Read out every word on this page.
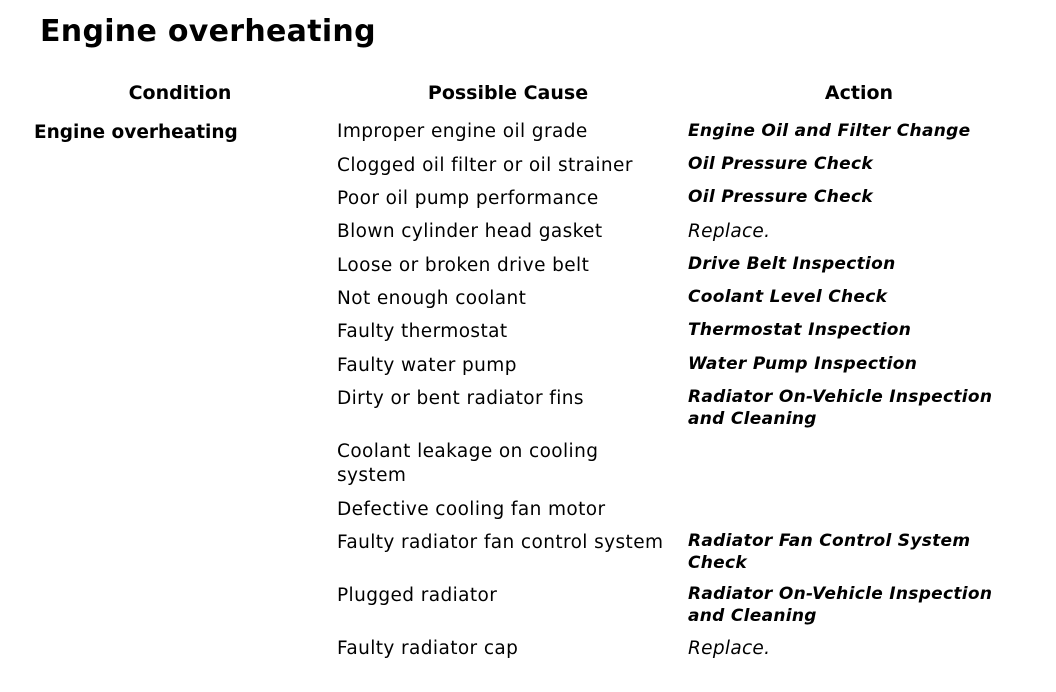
Engine overheating
Condition	Possible Cause	Action
Engine overheating	Improper engine oil grade	Engine Oil and Filter Change
Clogged oil filter or oil strainer	Oil Pressure Check
Poor oil pump performance	Oil Pressure Check
Blown cylinder head gasket	Replace.
Loose or broken drive belt	Drive Belt Inspection
Not enough coolant	Coolant Level Check
Faulty thermostat	Thermostat Inspection
Faulty water pump	Water Pump Inspection
Dirty or bent radiator fins	Radiator On-Vehicle Inspection and Cleaning
Coolant leakage on cooling system
Defective cooling fan motor
Faulty radiator fan control system	Radiator Fan Control System Check
Plugged radiator	Radiator On-Vehicle Inspection and Cleaning
Faulty radiator cap	Replace.
